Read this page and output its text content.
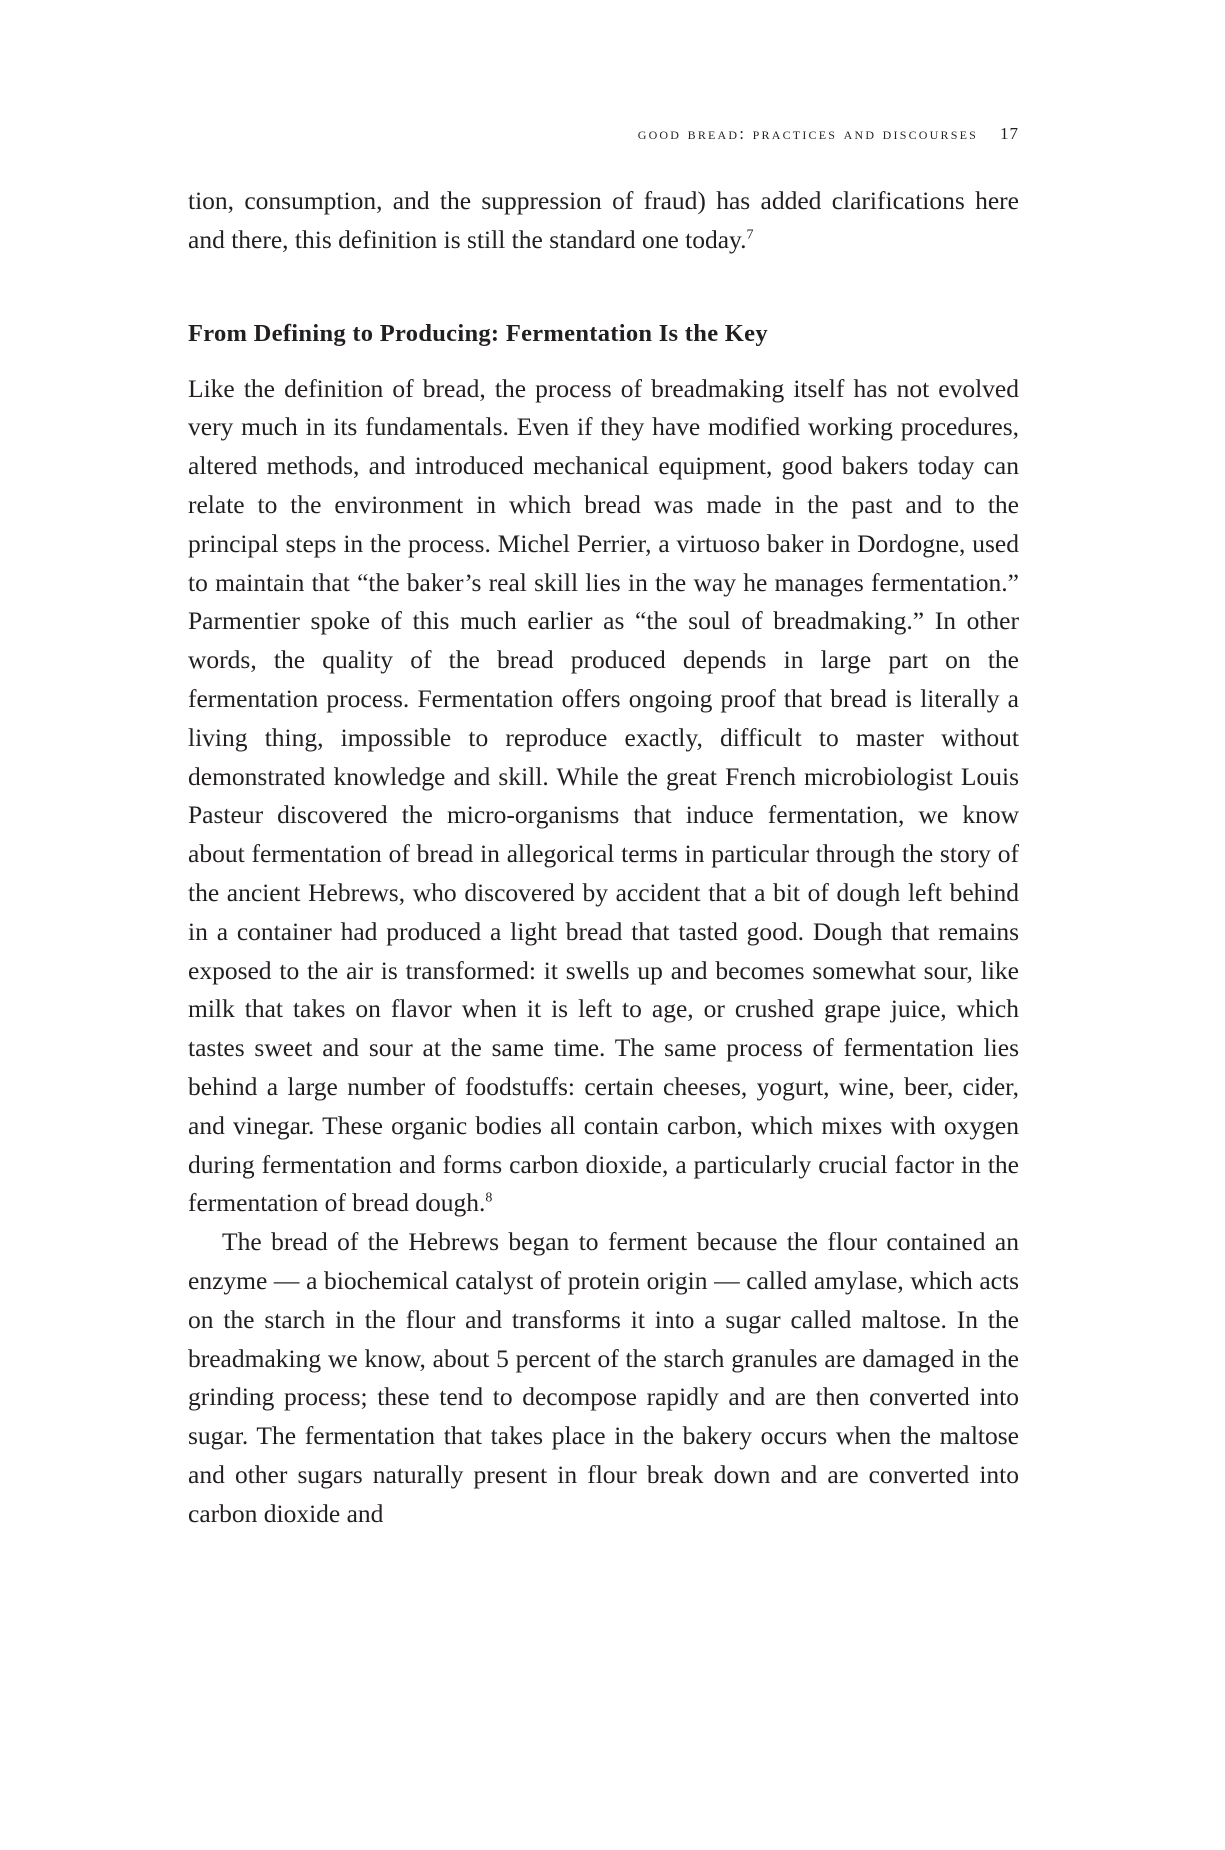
good bread: practices and discourses 17

tion, consumption, and the suppression of fraud) has added clarifications here and there, this definition is still the standard one today.$^7$

From Defining to Producing: Fermentation Is the Key

Like the definition of bread, the process of breadmaking itself has not evolved very much in its fundamentals. Even if they have modified working procedures, altered methods, and introduced mechanical equipment, good bakers today can relate to the environment in which bread was made in the past and to the principal steps in the process. Michel Perrier, a virtuoso baker in Dordogne, used to maintain that “the baker’s real skill lies in the way he manages fermentation.” Parmentier spoke of this much earlier as “the soul of breadmaking.” In other words, the quality of the bread produced depends in large part on the fermentation process. Fermentation offers ongoing proof that bread is literally a living thing, impossible to reproduce exactly, difficult to master without demonstrated knowledge and skill. While the great French microbiologist Louis Pasteur discovered the micro-organisms that induce fermentation, we know about fermentation of bread in allegorical terms in particular through the story of the ancient Hebrews, who discovered by accident that a bit of dough left behind in a container had produced a light bread that tasted good. Dough that remains exposed to the air is transformed: it swells up and becomes somewhat sour, like milk that takes on flavor when it is left to age, or crushed grape juice, which tastes sweet and sour at the same time. The same process of fermentation lies behind a large number of foodstuffs: certain cheeses, yogurt, wine, beer, cider, and vinegar. These organic bodies all contain carbon, which mixes with oxygen during fermentation and forms carbon dioxide, a particularly crucial factor in the fermentation of bread dough.$^8$

The bread of the Hebrews began to ferment because the flour contained an enzyme — a biochemical catalyst of protein origin — called amylase, which acts on the starch in the flour and transforms it into a sugar called maltose. In the breadmaking we know, about 5 percent of the starch granules are damaged in the grinding process; these tend to decompose rapidly and are then converted into sugar. The fermentation that takes place in the bakery occurs when the maltose and other sugars naturally present in flour break down and are converted into carbon dioxide and
